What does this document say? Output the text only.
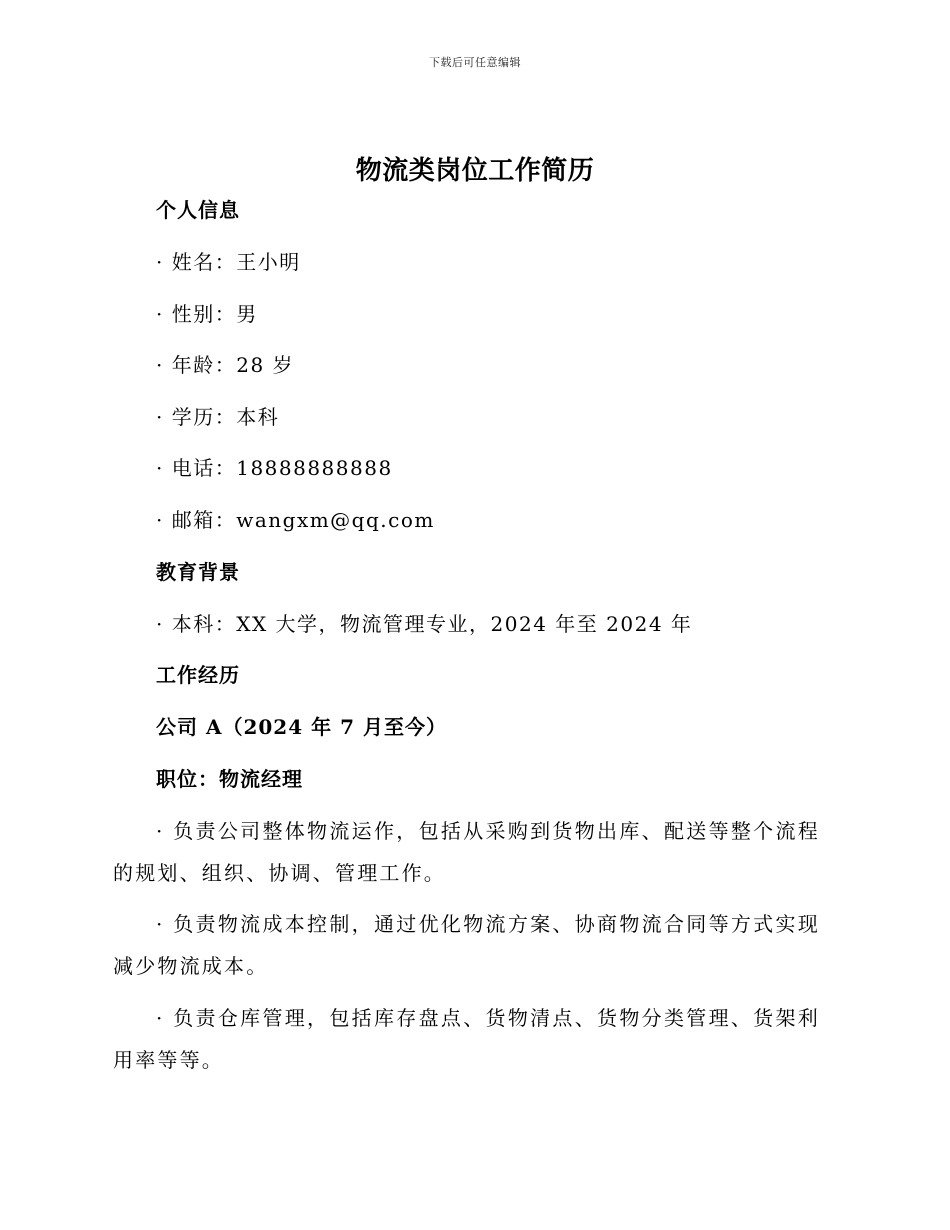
下载后可任意编辑
物流类岗位工作简历
个人信息
· 姓名：王小明
· 性别：男
· 年龄：28 岁
· 学历：本科
· 电话：18888888888
· 邮箱：wangxm@qq.com
教育背景
· 本科：XX 大学，物流管理专业，2024 年至 2024 年
工作经历
公司 A（2024 年 7 月至今）
职位：物流经理
· 负责公司整体物流运作，包括从采购到货物出库、配送等整个流程的规划、组织、协调、管理工作。
· 负责物流成本控制，通过优化物流方案、协商物流合同等方式实现减少物流成本。
· 负责仓库管理，包括库存盘点、货物清点、货物分类管理、货架利用率等等。
